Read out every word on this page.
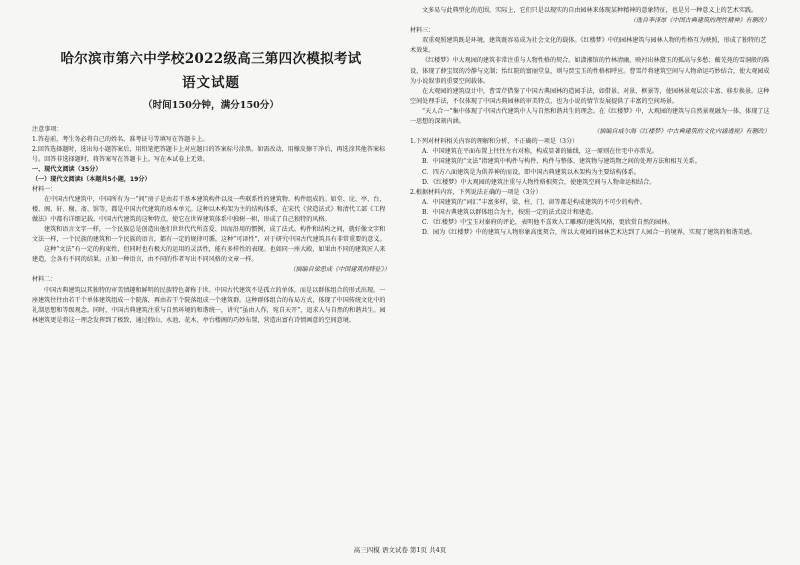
哈尔滨市第六中学校2022级高三第四次模拟考试
语文试题
（时间150分钟，满分150分）
注意事项：

1.答卷前，考生务必将自己的姓名、准考证号等填写在答题卡上。

2.回答选择题时，选出每小题答案后，用铅笔把答题卡上对应题目的答案标号涂黑。如需改动，用橡皮擦干净后，再选涂其他答案标号。回答非选择题时，将答案写在答题卡上。写在本试卷上无效。

一、现代文阅读（35分）
（一）现代文阅读Ⅰ（本题共5小题，19分）
材料一：

在中国古代建筑中，中国所有为一“间”房子是由若干基本建筑构件以及一些联系性的建筑物、构件组成的。如堂、庑、亭、台、楼、阁、轩、榭、斋、馆等，都是中国古代建筑的基本单元。这种以木构架为主的结构体系，在宋代《营造法式》和清代工部《工程做法》中都有详细记载。中国古代建筑的这种特点，使它在世界建筑体系中独树一帜，形成了自己独特的风格。

建筑和语言文字一样，一个民族总是创造出他们世世代代所喜爱、因而沿用的惯例，成了法式。构件和结构之间，就好像文字和文法一样，一个民族的建筑和一个民族的语言，都有一定的规律可循。这种“可译性”，对于研究中国古代建筑具有非常重要的意义。

这种“文法”有一定的拘束性，但同时也有极大的运用的灵活性，能有多样性的表现。也如同一座大殿，如果由不同的建筑匠人来建造，会各有不同的结果。正如一种语言，由不同的作者写出不同风格的文章一样。

（摘编自梁思成《中国建筑的特征》）

材料二：

中国古典建筑以其独特的审美情趣和鲜明的民族特色著称于世。中国古代建筑不是孤立的单体，而是以群体组合的形式出现。一座建筑往往由若干个单体建筑组成一个院落，再由若干个院落组成一个建筑群。这种群体组合的布局方式，体现了中国传统文化中的礼制思想和等级观念。同时，中国古典建筑注重与自然环境的和谐统一，讲究“虽由人作，宛自天开”，追求人与自然的和谐共生。园林建筑更是将这一理念发挥到了极致，通过假山、水池、花木、亭台楼阁的巧妙布置，营造出富有诗情画意的空间意境。

文多易与此典型化的范围，实际上，它们只是以现实的自由园林来体现某种精神的意象特征，也是另一种意义上的艺术实践。

（选自李泽厚《中国古典建筑的理性精神》有删改）

材料三：

双重观照建筑既是环境，建筑既容易成为社会文化的载体。《红楼梦》中的园林建筑与园林人物的性格互为映照，形成了独特的艺术效果。

《红楼梦》中大观园的建筑非常注重与人物性格的契合。如潇湘馆的竹林清幽，映衬出林黛玉的孤高与多愁；蘅芜苑的雪洞般的陈设，体现了薛宝钗的冷静与克制；怡红院的富丽堂皇，则与贾宝玉的性格相呼应。曹雪芹将建筑空间与人物命运巧妙结合，使大观园成为小说叙事的重要空间载体。

在大观园的建筑设计中，曹雪芹借鉴了中国古典园林的造园手法，如借景、对景、框景等，使园林景观层次丰富、移步换景。这种空间处理手法，不仅体现了中国古典园林的审美特点，也为小说的情节发展提供了丰富的空间场景。

“天人合一”集中体现了中国古代建筑中人与自然和谐共生的理念。在《红楼梦》中，大观园的建筑与自然景观融为一体，体现了这一思想的深刻内涵。

（摘编自威尔海《红楼梦》中古典建筑的文化内涵透视》有删改）

1.下列对材料相关内容的理解和分析，不正确的一项是（3分）

A．中国建筑在平面布置上往往左右对称，构成显著的轴线，这一原则在住宅中亦常见。

B．中国建筑的“文法”指建筑中构件与构件、构件与整体、建筑物与建筑物之间的处理方法和相互关系。

C．四方八面建筑是为供养神的而设，即中国古典建筑以木架构为主要结构体系。

D．《红楼梦》中大观园的建筑注重与人物性格相契合，使建筑空间与人物命运相结合。

2.根据材料内容，下列说法正确的一项是（3分）

A．中国建筑的“词汇”丰富多样，梁、柱、门、窗等都是构成建筑的不可少的构件。

B．中国古典建筑以群体组合为主，按照一定的法式设计和建造。

C．《红楼梦》中宝玉对秦府的评论，表明他不喜欢人工雕琢的建筑风格，更欣赏自然的园林。

D．园为《红楼梦》中的建筑与人物形象高度契合，所以大观园的园林艺术达到了人园合一的境界，实现了建筑的和谐美感。

高三四模 语文试卷 第1页 共4页
